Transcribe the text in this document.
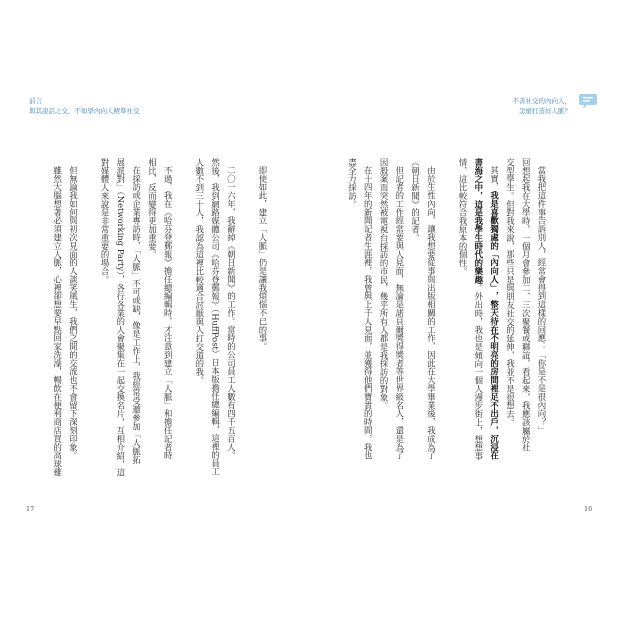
前言
與其說話之交，不如學內向人精準社交
不善社交的內向人，
怎麼打造好人脈？
當我把這件事告訴別人，經常會得到這樣的回應：「你是不是很內向？」
回想起我在大學時，一個月會參加二、三次聚餐或聯誼，看起來，我應該屬於社
交型學生。但對我來說，那些只是與朋友社交的延伸，我並不是很想去。
其實，我是喜歡獨處的「內向人」，整天待在不明亮的房間裡足不出戶，沉浸在
書海之中，這是我學生時代的樂趣。外出時，我也是傾向一個人漫步街上，想想事
情，這比較符合我原本的個性。
由於生性內向，讓我想要從事與出版相關的工作，因此在大學畢業後，我成為了
《朝日新聞》的記者。
但記者的工作經常要與人見面，無論是諾貝爾獎得獎者等世界級名人，還是為了
因殺案而突然被電視台採訪的市民，幾乎所有人都是我採訪的對象。
在十四年的新聞記者生涯裡，我曾與上千人見面，並獲得他們寶貴的時間，我也
盡全力採訪。
即使如此，建立「人脈」仍是讓我煩惱不已的事。
二〇一六年，我辭掉《朝日新聞》的工作。當時的公司員工人數有四千五百人。
然後，我到網路媒體公司《哈芬登郵報》（HuffPost）日本版擔任總編輯，這裡的員工
人數不到三十人，我認為這裡比較適合討厭與人打交道的我。
不過，我在《哈芬登郵報》擔任總編輯時，才注意到建立「人脈」和擔任記者時
相比，反而變得更加重要。
在採訪或企業專訪時，「人脈」不可或缺，像是工作上，我經常受邀參加「人脈拓
展派對」（Networking Party），各行各業的人會聚集在一起交換名片，互相介紹，這
對媒體人來說是非常重要的場合。
但無論我如何與初次見面的人談笑風生，我們之間的交流也不會留下深刻印象。
雖然大腦想著必須建立人脈，心裡卻想要早點回家洗澡，暢飲在便利商店買的高球雞
17	16
